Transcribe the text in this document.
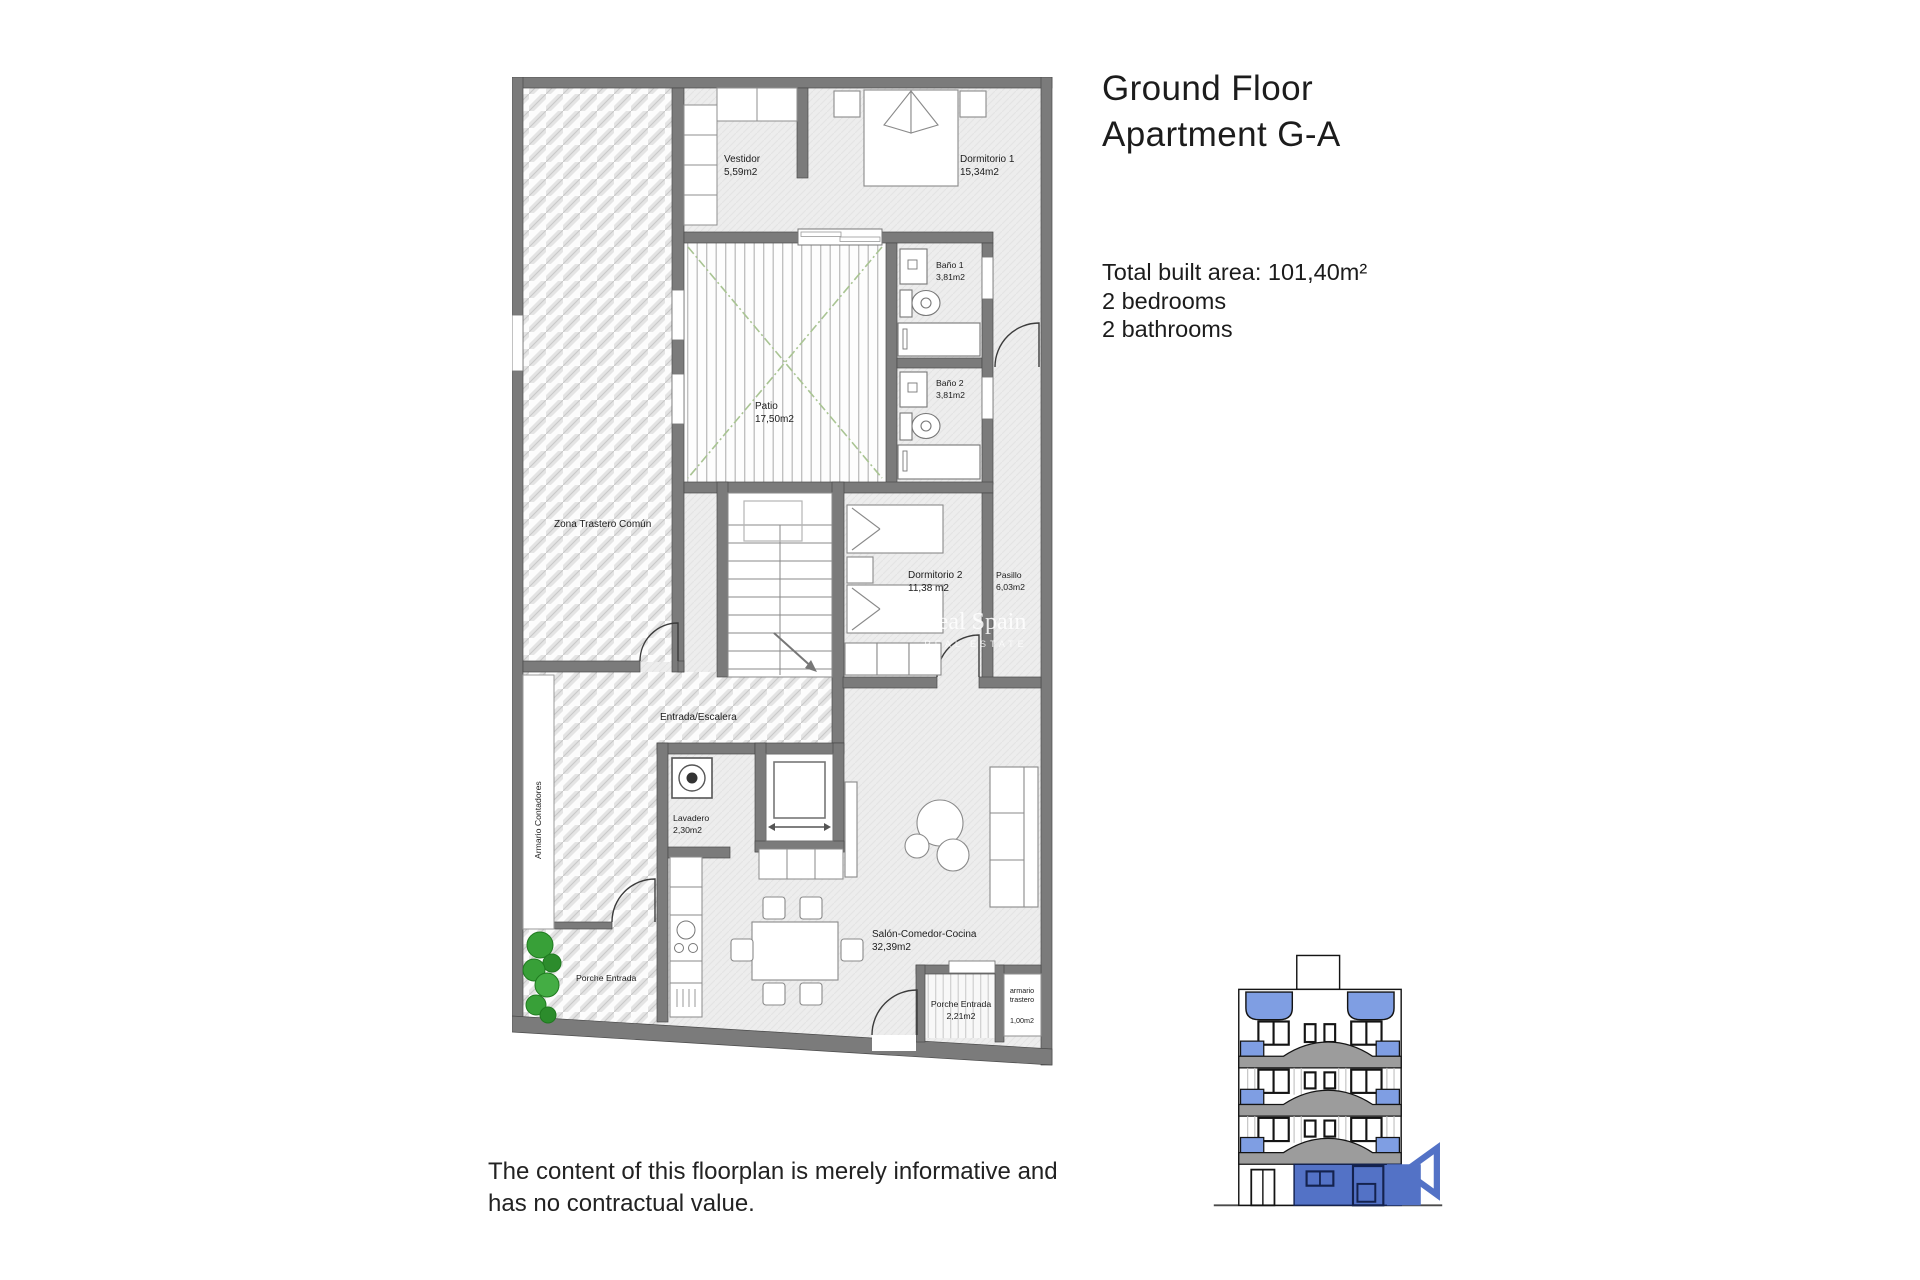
Ground Floor
Apartment G-A
Total built area: 101,40m²
2 bedrooms
2 bathrooms
The content of this floorplan is merely informative and
has no contractual value.
Vestidor
5,59m2
Dormitorio 1
15,34m2
Baño 1
3,81m2
Baño 2
3,81m2
Patio
17,50m2
Zona Trastero Común
Dormitorio 2
11,38 m2
Pasillo
6,03m2
Entrada/Escalera
Lavadero
2,30m2
Armario Contadores
Salón-Comedor-Cocina
32,39m2
Porche Entrada
Porche Entrada
2,21m2
armario
trastero
1,00m2
Real Spain
REAL ESTATE
